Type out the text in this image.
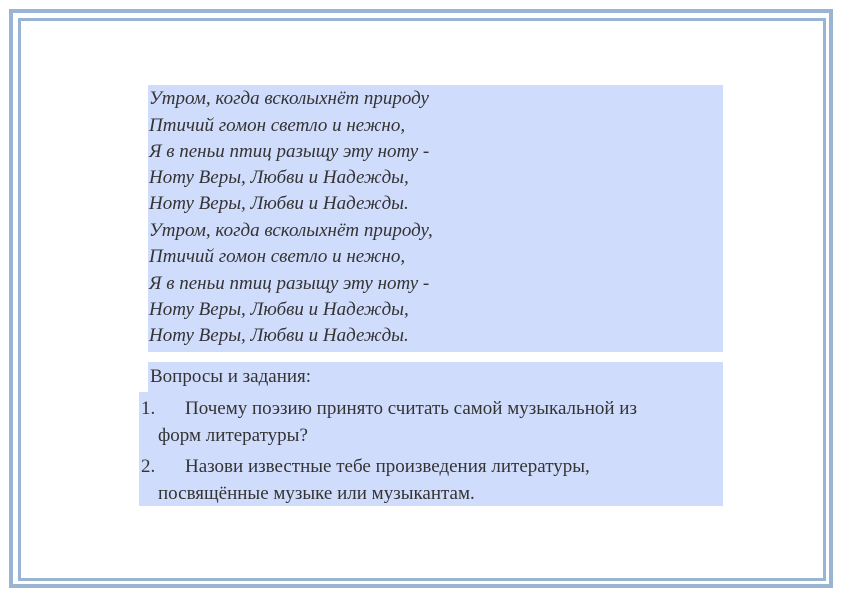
Утром, когда всколыхнёт природу
Птичий гомон светло и нежно,
Я в пеньи птиц разыщу эту ноту -
Ноту Веры, Любви и Надежды,
Ноту Веры, Любви и Надежды.
Утром, когда всколыхнёт природу,
Птичий гомон светло и нежно,
Я в пеньи птиц разыщу эту ноту -
Ноту Веры, Любви и Надежды,
Ноту Веры, Любви и Надежды.
Вопросы и задания:
1. Почему поэзию принято считать самой музыкальной из
форм литературы?
2. Назови известные тебе произведения литературы,
посвящённые музыке или музыкантам.
